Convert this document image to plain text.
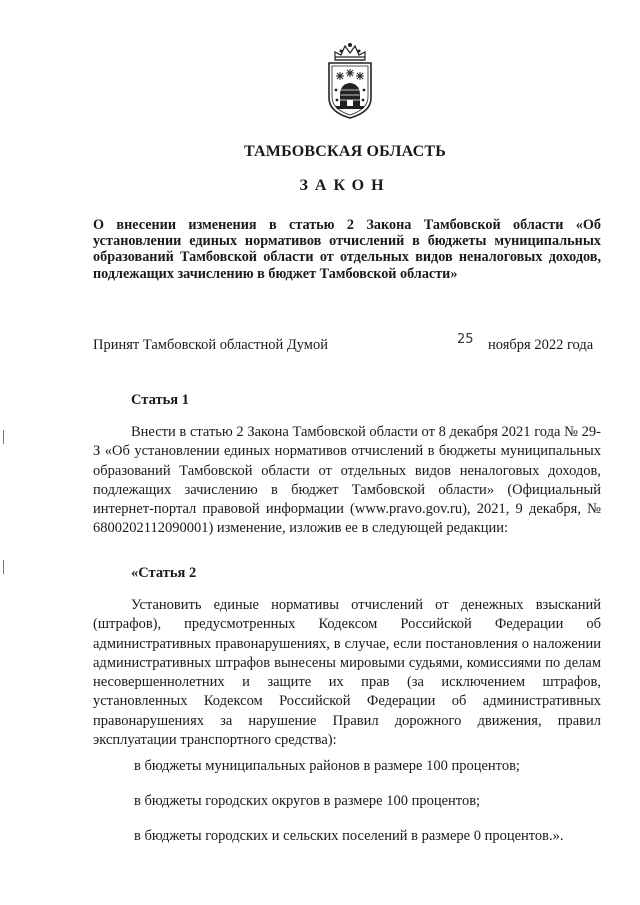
ТАМБОВСКАЯ ОБЛАСТЬ
ЗАКОН
О внесении изменения в статью 2 Закона Тамбовской области «Об установлении единых нормативов отчислений в бюджеты муниципальных образований Тамбовской области от отдельных видов неналоговых доходов, подлежащих зачислению в бюджет Тамбовской области»
Принят Тамбовской областной Думой	25 ноября 2022 года
Статья 1
Внести в статью 2 Закона Тамбовской области от 8 декабря 2021 года № 29-З «Об установлении единых нормативов отчислений в бюджеты муниципальных образований Тамбовской области от отдельных видов неналоговых доходов, подлежащих зачислению в бюджет Тамбовской области» (Официальный интернет-портал правовой информации (www.pravo.gov.ru), 2021, 9 декабря, № 6800202112090001) изменение, изложив ее в следующей редакции:
«Статья 2
Установить единые нормативы отчислений от денежных взысканий (штрафов), предусмотренных Кодексом Российской Федерации об административных правонарушениях, в случае, если постановления о наложении административных штрафов вынесены мировыми судьями, комиссиями по делам несовершеннолетних и защите их прав (за исключением штрафов, установленных Кодексом Российской Федерации об административных правонарушениях за нарушение Правил дорожного движения, правил эксплуатации транспортного средства):
в бюджеты муниципальных районов в размере 100 процентов;
в бюджеты городских округов в размере 100 процентов;
в бюджеты городских и сельских поселений в размере 0 процентов.».
